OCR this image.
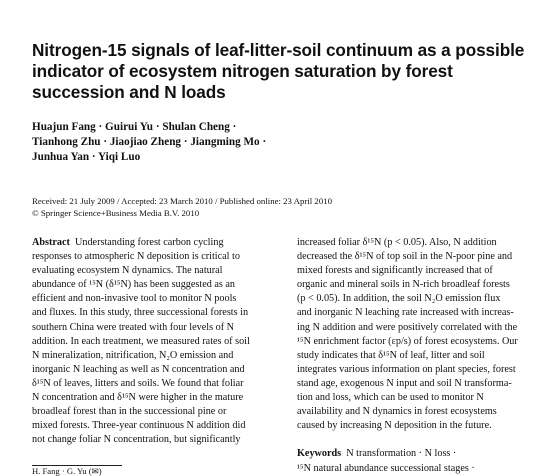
Nitrogen-15 signals of leaf-litter-soil continuum as a possible
indicator of ecosystem nitrogen saturation by forest
succession and N loads
Huajun Fang · Guirui Yu · Shulan Cheng ·
Tianhong Zhu · Jiaojiao Zheng · Jiangming Mo ·
Junhua Yan · Yiqi Luo
Received: 21 July 2009 / Accepted: 23 March 2010 / Published online: 23 April 2010
© Springer Science+Business Media B.V. 2010
Abstract Understanding forest carbon cycling
responses to atmospheric N deposition is critical to
evaluating ecosystem N dynamics. The natural
abundance of ¹⁵N (δ¹⁵N) has been suggested as an
efficient and non-invasive tool to monitor N pools
and fluxes. In this study, three successional forests in
southern China were treated with four levels of N
addition. In each treatment, we measured rates of soil
N mineralization, nitrification, N₂O emission and
inorganic N leaching as well as N concentration and
δ¹⁵N of leaves, litters and soils. We found that foliar
N concentration and δ¹⁵N were higher in the mature
broadleaf forest than in the successional pine or
mixed forests. Three-year continuous N addition did
not change foliar N concentration, but significantly
increased foliar δ¹⁵N (p < 0.05). Also, N addition
decreased the δ¹⁵N of top soil in the N-poor pine and
mixed forests and significantly increased that of
organic and mineral soils in N-rich broadleaf forests
(p < 0.05). In addition, the soil N₂O emission flux
and inorganic N leaching rate increased with increas-
ing N addition and were positively correlated with the
¹⁵N enrichment factor (εp/s) of forest ecosystems. Our
study indicates that δ¹⁵N of leaf, litter and soil
integrates various information on plant species, forest
stand age, exogenous N input and soil N transforma-
tion and loss, which can be used to monitor N
availability and N dynamics in forest ecosystems
caused by increasing N deposition in the future.
Keywords N transformation · N loss ·
¹⁵N natural abundance successional stages ·
H. Fang · G. Yu (✉)
